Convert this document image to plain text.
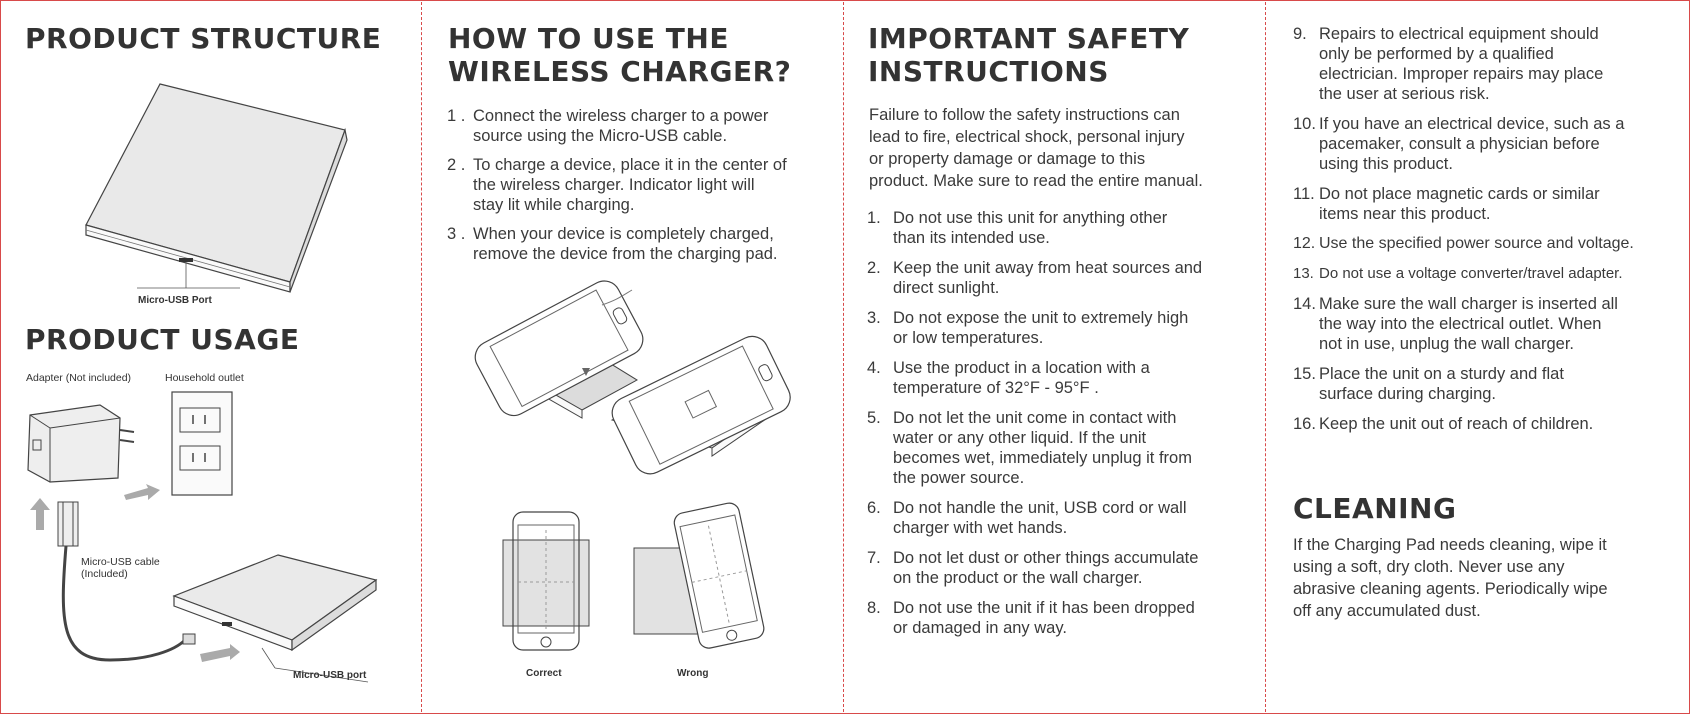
PRODUCT STRUCTURE
Micro-USB Port
PRODUCT USAGE
Adapter (Not included)	Household outlet
Micro-USB cable
(Included)
Micro-USB port
HOW TO USE THE
WIRELESS CHARGER?
1 . Connect the wireless charger to a power
source using the Micro-USB cable.
2 . To charge a device, place it in the center of
the wireless charger. Indicator light will
stay lit while charging.
3 . When your device is completely charged,
remove the device from the charging pad.
Correct	Wrong
IMPORTANT SAFETY
INSTRUCTIONS
Failure to follow the safety instructions can
lead to fire, electrical shock, personal injury
or property damage or damage to this
product. Make sure to read the entire manual.
1. Do not use this unit for anything other
than its intended use.
2. Keep the unit away from heat sources and
direct sunlight.
3. Do not expose the unit to extremely high
or low temperatures.
4. Use the product in a location with a
temperature of 32°F - 95°F .
5. Do not let the unit come in contact with
water or any other liquid. If the unit
becomes wet, immediately unplug it from
the power source.
6. Do not handle the unit, USB cord or wall
charger with wet hands.
7. Do not let dust or other things accumulate
on the product or the wall charger.
8. Do not use the unit if it has been dropped
or damaged in any way.
9. Repairs to electrical equipment should
only be performed by a qualified
electrician. Improper repairs may place
the user at serious risk.
10. If you have an electrical device, such as a
pacemaker, consult a physician before
using this product.
11. Do not place magnetic cards or similar
items near this product.
12. Use the specified power source and voltage.
13. Do not use a voltage converter/travel adapter.
14. Make sure the wall charger is inserted all
the way into the electrical outlet. When
not in use, unplug the wall charger.
15. Place the unit on a sturdy and flat
surface during charging.
16. Keep the unit out of reach of children.
CLEANING
If the Charging Pad needs cleaning, wipe it
using a soft, dry cloth. Never use any
abrasive cleaning agents. Periodically wipe
off any accumulated dust.
